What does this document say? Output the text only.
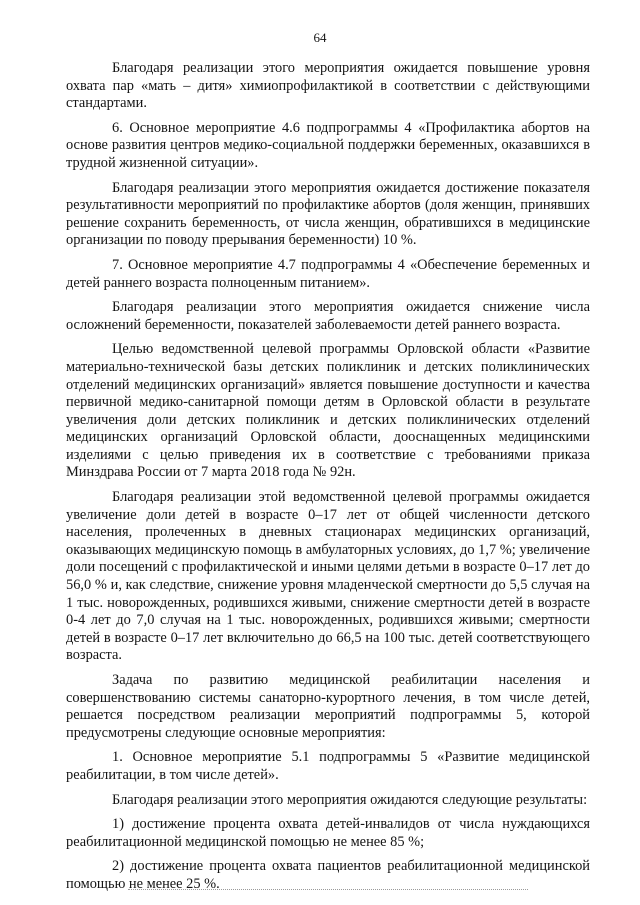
64

Благодаря реализации этого мероприятия ожидается повышение уровня охвата пар «мать – дитя» химиопрофилактикой в соответствии с действующими стандартами.

6. Основное мероприятие 4.6 подпрограммы 4 «Профилактика абортов на основе развития центров медико-социальной поддержки беременных, оказавшихся в трудной жизненной ситуации».

Благодаря реализации этого мероприятия ожидается достижение показателя результативности мероприятий по профилактике абортов (доля женщин, принявших решение сохранить беременность, от числа женщин, обратившихся в медицинские организации по поводу прерывания беременности) 10 %.

7. Основное мероприятие 4.7 подпрограммы 4 «Обеспечение беременных и детей раннего возраста полноценным питанием».

Благодаря реализации этого мероприятия ожидается снижение числа осложнений беременности, показателей заболеваемости детей раннего возраста.

Целью ведомственной целевой программы Орловской области «Развитие материально-технической базы детских поликлиник и детских поликлинических отделений медицинских организаций» является повышение доступности и качества первичной медико-санитарной помощи детям в Орловской области в результате увеличения доли детских поликлиник и детских поликлинических отделений медицинских организаций Орловской области, дооснащенных медицинскими изделиями с целью приведения их в соответствие с требованиями приказа Минздрава России от 7 марта 2018 года № 92н.

Благодаря реализации этой ведомственной целевой программы ожидается увеличение доли детей в возрасте 0–17 лет от общей численности детского населения, пролеченных в дневных стационарах медицинских организаций, оказывающих медицинскую помощь в амбулаторных условиях, до 1,7 %; увеличение доли посещений с профилактической и иными целями детьми в возрасте 0–17 лет до 56,0 % и, как следствие, снижение уровня младенческой смертности до 5,5 случая на 1 тыс. новорожденных, родившихся живыми, снижение смертности детей в возрасте 0-4 лет до 7,0 случая на 1 тыс. новорожденных, родившихся живыми; смертности детей в возрасте 0–17 лет включительно до 66,5 на 100 тыс. детей соответствующего возраста.

Задача по развитию медицинской реабилитации населения и совершенствованию системы санаторно-курортного лечения, в том числе детей, решается посредством реализации мероприятий подпрограммы 5, которой предусмотрены следующие основные мероприятия:

1. Основное мероприятие 5.1 подпрограммы 5 «Развитие медицинской реабилитации, в том числе детей».

Благодаря реализации этого мероприятия ожидаются следующие результаты:

1) достижение процента охвата детей-инвалидов от числа нуждающихся реабилитационной медицинской помощью не менее 85 %;

2) достижение процента охвата пациентов реабилитационной медицинской помощью не менее 25 %.
